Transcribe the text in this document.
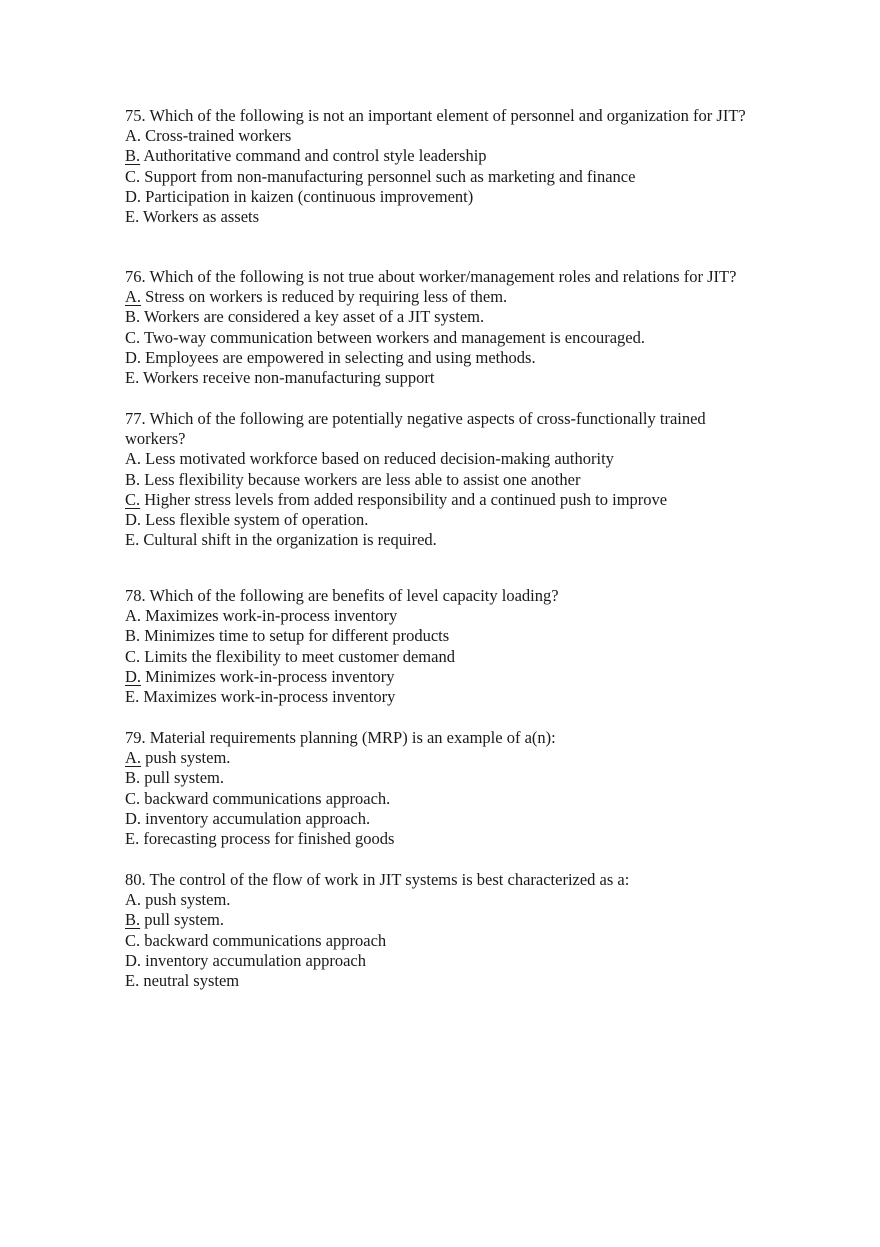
75. Which of the following is not an important element of personnel and organization for JIT?
A. Cross-trained workers
B. Authoritative command and control style leadership
C. Support from non-manufacturing personnel such as marketing and finance
D. Participation in kaizen (continuous improvement)
E. Workers as assets
76. Which of the following is not true about worker/management roles and relations for JIT?
A. Stress on workers is reduced by requiring less of them.
B. Workers are considered a key asset of a JIT system.
C. Two-way communication between workers and management is encouraged.
D. Employees are empowered in selecting and using methods.
E. Workers receive non-manufacturing support
77. Which of the following are potentially negative aspects of cross-functionally trained workers?
A. Less motivated workforce based on reduced decision-making authority
B. Less flexibility because workers are less able to assist one another
C. Higher stress levels from added responsibility and a continued push to improve
D. Less flexible system of operation.
E. Cultural shift in the organization is required.
78. Which of the following are benefits of level capacity loading?
A. Maximizes work-in-process inventory
B. Minimizes time to setup for different products
C. Limits the flexibility to meet customer demand
D. Minimizes work-in-process inventory
E. Maximizes work-in-process inventory
79. Material requirements planning (MRP) is an example of a(n):
A. push system.
B. pull system.
C. backward communications approach.
D. inventory accumulation approach.
E. forecasting process for finished goods
80. The control of the flow of work in JIT systems is best characterized as a:
A. push system.
B. pull system.
C. backward communications approach
D. inventory accumulation approach
E. neutral system
